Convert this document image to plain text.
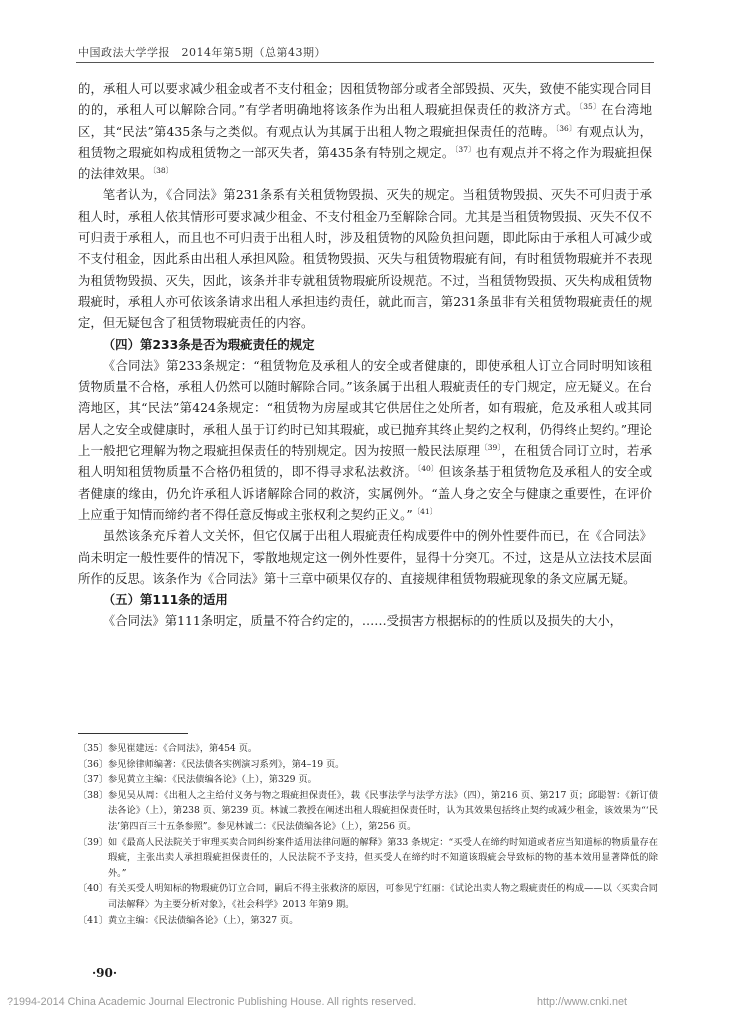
中国政法大学学报　2014年第5期（总第43期）

的，承租人可以要求减少租金或者不支付租金；因租赁物部分或者全部毁损、灭失，致使不能实现合同目的的，承租人可以解除合同。”有学者明确地将该条作为出租人瑕疵担保责任的救济方式。$^{〔35〕}$在台湾地区，其“民法”第435条与之类似。有观点认为其属于出租人物之瑕疵担保责任的范畴。$^{〔36〕}$有观点认为，租赁物之瑕疵如构成租赁物之一部灭失者，第435条有特别之规定。$^{〔37〕}$也有观点并不将之作为瑕疵担保的法律效果。$^{〔38〕}$

笔者认为，《合同法》第231条系有关租赁物毁损、灭失的规定。当租赁物毁损、灭失不可归责于承租人时，承租人依其情形可要求减少租金、不支付租金乃至解除合同。尤其是当租赁物毁损、灭失不仅不可归责于承租人，而且也不可归责于出租人时，涉及租赁物的风险负担问题，即此际由于承租人可减少或不支付租金，因此系由出租人承担风险。租赁物毁损、灭失与租赁物瑕疵有间，有时租赁物瑕疵并不表现为租赁物毁损、灭失，因此，该条并非专就租赁物瑕疵所设规范。不过，当租赁物毁损、灭失构成租赁物瑕疵时，承租人亦可依该条请求出租人承担违约责任，就此而言，第231条虽非有关租赁物瑕疵责任的规定，但无疑包含了租赁物瑕疵责任的内容。

（四）第233条是否为瑕疵责任的规定

《合同法》第233条规定：“租赁物危及承租人的安全或者健康的，即使承租人订立合同时明知该租赁物质量不合格，承租人仍然可以随时解除合同。”该条属于出租人瑕疵责任的专门规定，应无疑义。在台湾地区，其“民法”第424条规定：“租赁物为房屋或其它供居住之处所者，如有瑕疵，危及承租人或其同居人之安全或健康时，承租人虽于订约时已知其瑕疵，或已抛弃其终止契约之权利，仍得终止契约。”理论上一般把它理解为物之瑕疵担保责任的特别规定。因为按照一般民法原理$^{〔39〕}$，在租赁合同订立时，若承租人明知租赁物质量不合格仍租赁的，即不得寻求私法救济。$^{〔40〕}$但该条基于租赁物危及承租人的安全或者健康的缘由，仍允许承租人诉诸解除合同的救济，实属例外。“盖人身之安全与健康之重要性，在评价上应重于知情而缔约者不得任意反悔或主张权利之契约正义。”$^{〔41〕}$

虽然该条充斥着人文关怀，但它仅属于出租人瑕疵责任构成要件中的例外性要件而已，在《合同法》尚未明定一般性要件的情况下，零散地规定这一例外性要件，显得十分突兀。不过，这是从立法技术层面所作的反思。该条作为《合同法》第十三章中硕果仅存的、直接规律租赁物瑕疵现象的条文应属无疑。

（五）第111条的适用

《合同法》第111条明定，质量不符合约定的，……受损害方根据标的的性质以及损失的大小，

〔35〕 参见崔建远：《合同法》，第454 页。
〔36〕 参见徐律师编著：《民法债各实例演习系列》，第4–19 页。
〔37〕 参见黄立主编：《民法债编各论》（上），第329 页。
〔38〕 参见吴从周：《出租人之主给付义务与物之瑕疵担保责任》，载《民事法学与法学方法》（四），第216 页、第217 页；邱聪智：《新订债法各论》（上），第238 页、第239 页。林诚二教授在阐述出租人瑕疵担保责任时，认为其效果包括终止契约或减少租金，该效果为“‘民法’第四百三十五条参照”。参见林诚二：《民法债编各论》（上），第256 页。
〔39〕 如《最高人民法院关于审理买卖合同纠纷案件适用法律问题的解释》第33 条规定：“买受人在缔约时知道或者应当知道标的物质量存在瑕疵，主张出卖人承担瑕疵担保责任的，人民法院不予支持，但买受人在缔约时不知道该瑕疵会导致标的物的基本效用显著降低的除外。”
〔40〕 有关买受人明知标的物瑕疵仍订立合同，嗣后不得主张救济的原因，可参见宁红丽：《试论出卖人物之瑕疵责任的构成——以〈买卖合同司法解释〉为主要分析对象》，《社会科学》2013 年第9 期。
〔41〕 黄立主编：《民法债编各论》（上），第327 页。
·90·
?1994-2014 China Academic Journal Electronic Publishing House. All rights reserved.	http://www.cnki.net
